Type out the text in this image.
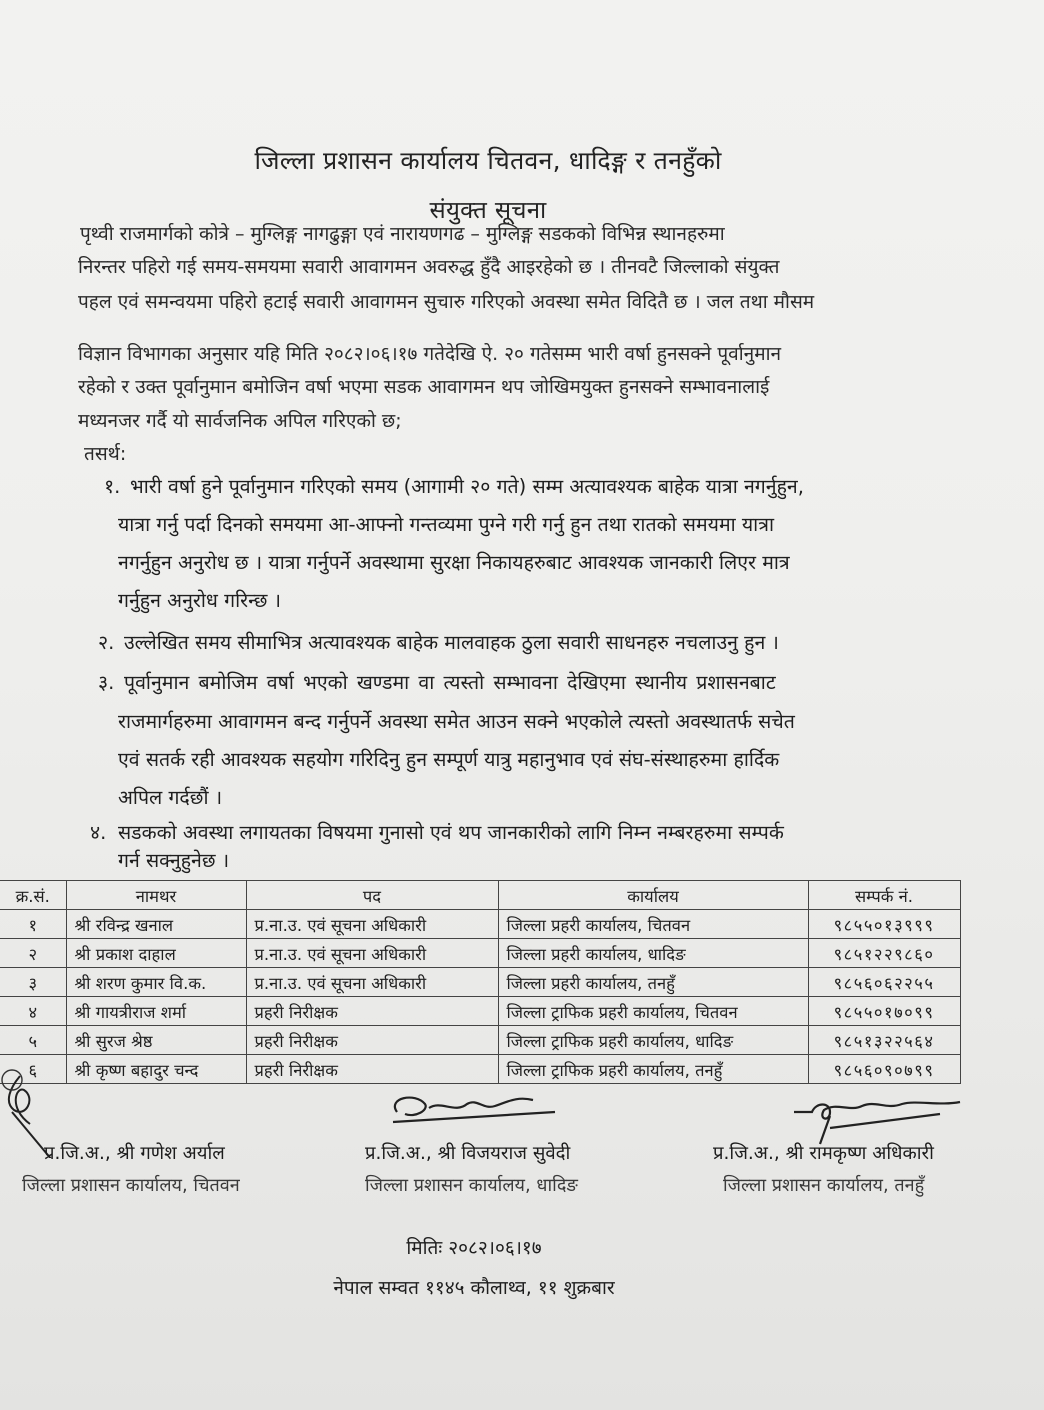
जिल्ला प्रशासन कार्यालय चितवन, धादिङ्ग र तनहुँको
संयुक्त सूचना
पृथ्वी राजमार्गको कोत्रे – मुग्लिङ्ग नागढुङ्गा एवं नारायणगढ – मुग्लिङ्ग सडकको विभिन्न स्थानहरुमा
निरन्तर पहिरो गई समय-समयमा सवारी आवागमन अवरुद्ध हुँदै आइरहेको छ । तीनवटै जिल्लाको संयुक्त
पहल एवं समन्वयमा पहिरो हटाई सवारी आवागमन सुचारु गरिएको अवस्था समेत विदितै छ । जल तथा मौसम
विज्ञान विभागका अनुसार यहि मिति २०८२।०६।१७ गतेदेखि ऐ. २० गतेसम्म भारी वर्षा हुनसक्ने पूर्वानुमान
रहेको र उक्त पूर्वानुमान बमोजिन वर्षा भएमा सडक आवागमन थप जोखिमयुक्त हुनसक्ने सम्भावनालाई
मध्यनजर गर्दै यो सार्वजनिक अपिल गरिएको छ;
तसर्थ:
१. भारी वर्षा हुने पूर्वानुमान गरिएको समय (आगामी २० गते) सम्म अत्यावश्यक बाहेक यात्रा नगर्नुहुन,
यात्रा गर्नु पर्दा दिनको समयमा आ-आफ्नो गन्तव्यमा पुग्ने गरी गर्नु हुन तथा रातको समयमा यात्रा
नगर्नुहुन अनुरोध छ । यात्रा गर्नुपर्ने अवस्थामा सुरक्षा निकायहरुबाट आवश्यक जानकारी लिएर मात्र
गर्नुहुन अनुरोध गरिन्छ ।
२. उल्लेखित समय सीमाभित्र अत्यावश्यक बाहेक मालवाहक ठुला सवारी साधनहरु नचलाउनु हुन ।
३. पूर्वानुमान बमोजिम वर्षा भएको खण्डमा वा त्यस्तो सम्भावना देखिएमा स्थानीय प्रशासनबाट
राजमार्गहरुमा आवागमन बन्द गर्नुपर्ने अवस्था समेत आउन सक्ने भएकोले त्यस्तो अवस्थातर्फ सचेत
एवं सतर्क रही आवश्यक सहयोग गरिदिनु हुन सम्पूर्ण यात्रु महानुभाव एवं संघ-संस्थाहरुमा हार्दिक
अपिल गर्दछौं ।
४. सडकको अवस्था लगायतका विषयमा गुनासो एवं थप जानकारीको लागि निम्न नम्बरहरुमा सम्पर्क
गर्न सक्नुहुनेछ ।
क्र.सं.	नामथर	पद	कार्यालय	सम्पर्क नं.
१	श्री रविन्द्र खनाल	प्र.ना.उ. एवं सूचना अधिकारी	जिल्ला प्रहरी कार्यालय, चितवन	९८५५०१३९९९
२	श्री प्रकाश दाहाल	प्र.ना.उ. एवं सूचना अधिकारी	जिल्ला प्रहरी कार्यालय, धादिङ	९८५१२२९८६०
३	श्री शरण कुमार वि.क.	प्र.ना.उ. एवं सूचना अधिकारी	जिल्ला प्रहरी कार्यालय, तनहुँ	९८५६०६२२५५
४	श्री गायत्रीराज शर्मा	प्रहरी निरीक्षक	जिल्ला ट्राफिक प्रहरी कार्यालय, चितवन	९८५५०१७०९९
५	श्री सुरज श्रेष्ठ	प्रहरी निरीक्षक	जिल्ला ट्राफिक प्रहरी कार्यालय, धादिङ	९८५१३२२५६४
६	श्री कृष्ण बहादुर चन्द	प्रहरी निरीक्षक	जिल्ला ट्राफिक प्रहरी कार्यालय, तनहुँ	९८५६०९०७९९
प्र.जि.अ., श्री गणेश अर्याल
जिल्ला प्रशासन कार्यालय, चितवन
प्र.जि.अ., श्री विजयराज सुवेदी
जिल्ला प्रशासन कार्यालय, धादिङ
प्र.जि.अ., श्री रामकृष्ण अधिकारी
जिल्ला प्रशासन कार्यालय, तनहुँ
मितिः २०८२।०६।१७
नेपाल सम्वत ११४५ कौलाथ्व, ११ शुक्रबार
